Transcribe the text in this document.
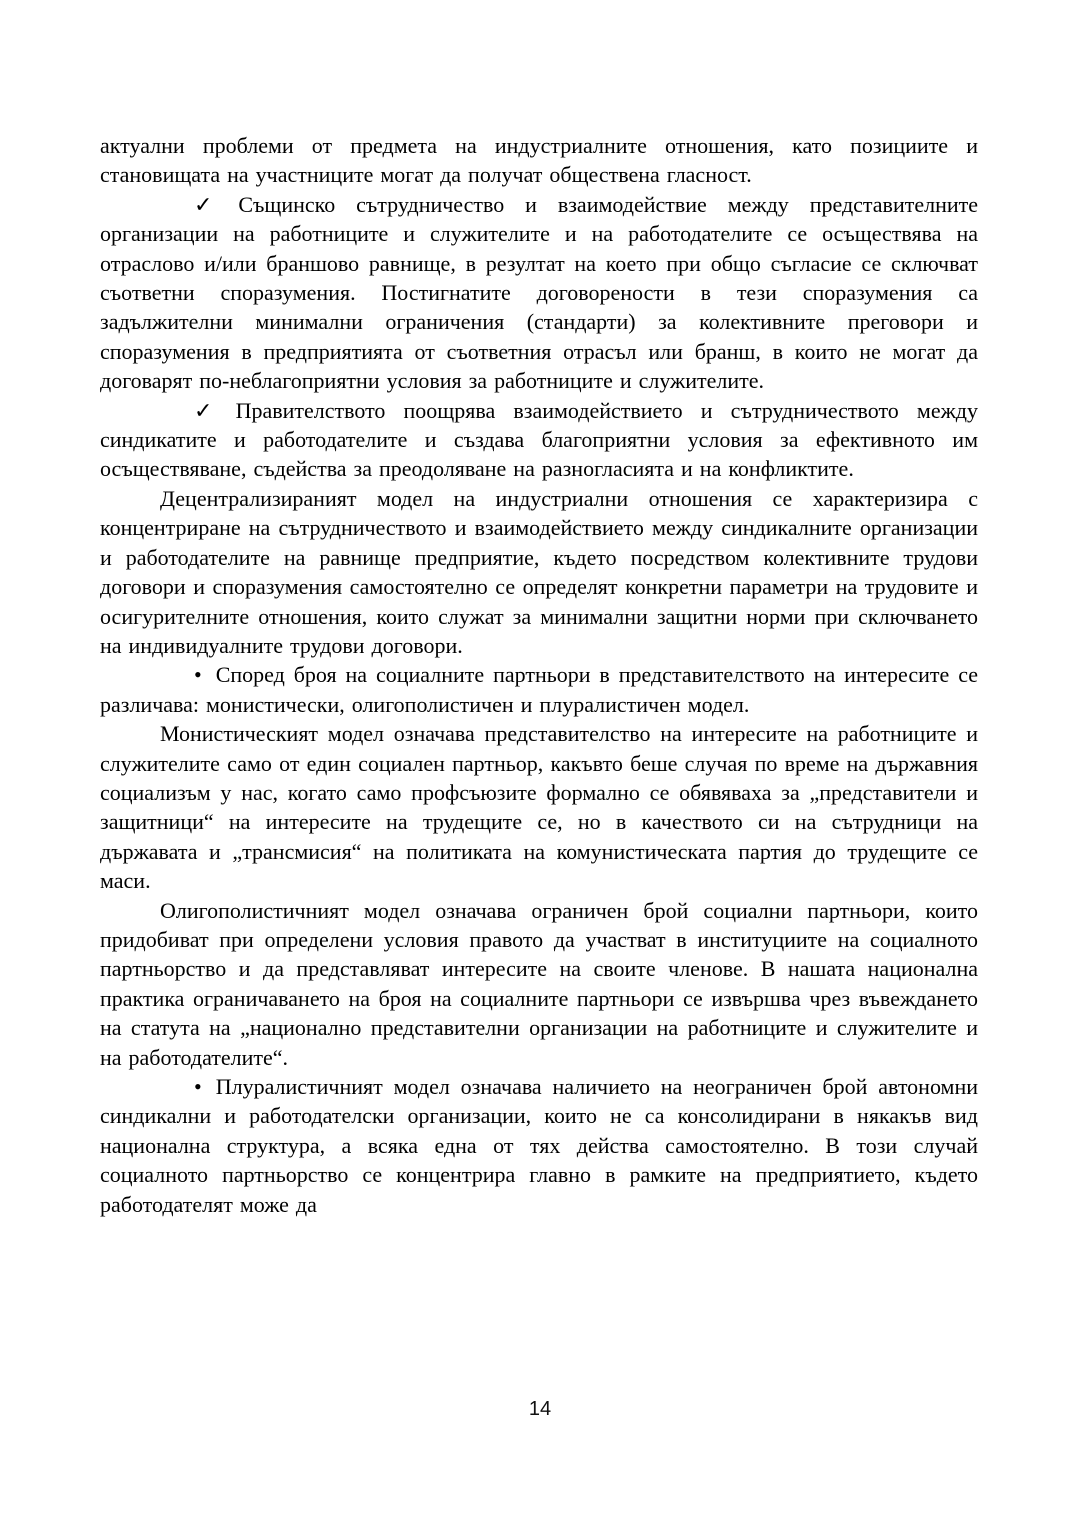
актуални проблеми от предмета на индустриалните отношения, като позициите и становищата на участниците могат да получат обществена гласност.

✓ Същинско сътрудничество и взаимодействие между представителните организации на работниците и служителите и на работодателите се осъществява на отраслово и/или браншово равнище, в резултат на което при общо съгласие се сключват съответни споразумения. Постигнатите договорености в тези споразумения са задължителни минимални ограничения (стандарти) за колективните преговори и споразумения в предприятията от съответния отрасъл или бранш, в които не могат да договарят по-неблагоприятни условия за работниците и служителите.

✓ Правителството поощрява взаимодействието и сътрудничеството между синдикатите и работодателите и създава благоприятни условия за ефективното им осъществяване, съдейства за преодоляване на разногласията и на конфликтите.

Децентрализираният модел на индустриални отношения се характеризира с концентриране на сътрудничеството и взаимодействието между синдикалните организации и работодателите на равнище предприятие, където посредством колективните трудови договори и споразумения самостоятелно се определят конкретни параметри на трудовите и осигурителните отношения, които служат за минимални защитни норми при сключването на индивидуалните трудови договори.

• Според броя на социалните партньори в представителството на интересите се различава: монистически, олигополистичен и плуралистичен модел.

Монистическият модел означава представителство на интересите на работниците и служителите само от един социален партньор, какъвто беше случая по време на държавния социализъм у нас, когато само профсъюзите формално се обявяваха за „представители и защитници“ на интересите на трудещите се, но в качеството си на сътрудници на държавата и „трансмисия“ на политиката на комунистическата партия до трудещите се маси.

Олигополистичният модел означава ограничен брой социални партньори, които придобиват при определени условия правото да участват в институциите на социалното партньорство и да представляват интересите на своите членове. В нашата национална практика ограничаването на броя на социалните партньори се извършва чрез въвеждането на статута на „национално представителни организации на работниците и служителите и на работодателите“.

• Плуралистичният модел означава наличието на неограничен брой автономни синдикални и работодателски организации, които не са консолидирани в някакъв вид национална структура, а всяка една от тях действа самостоятелно. В този случай социалното партньорство се концентрира главно в рамките на предприятието, където работодателят може да

14
